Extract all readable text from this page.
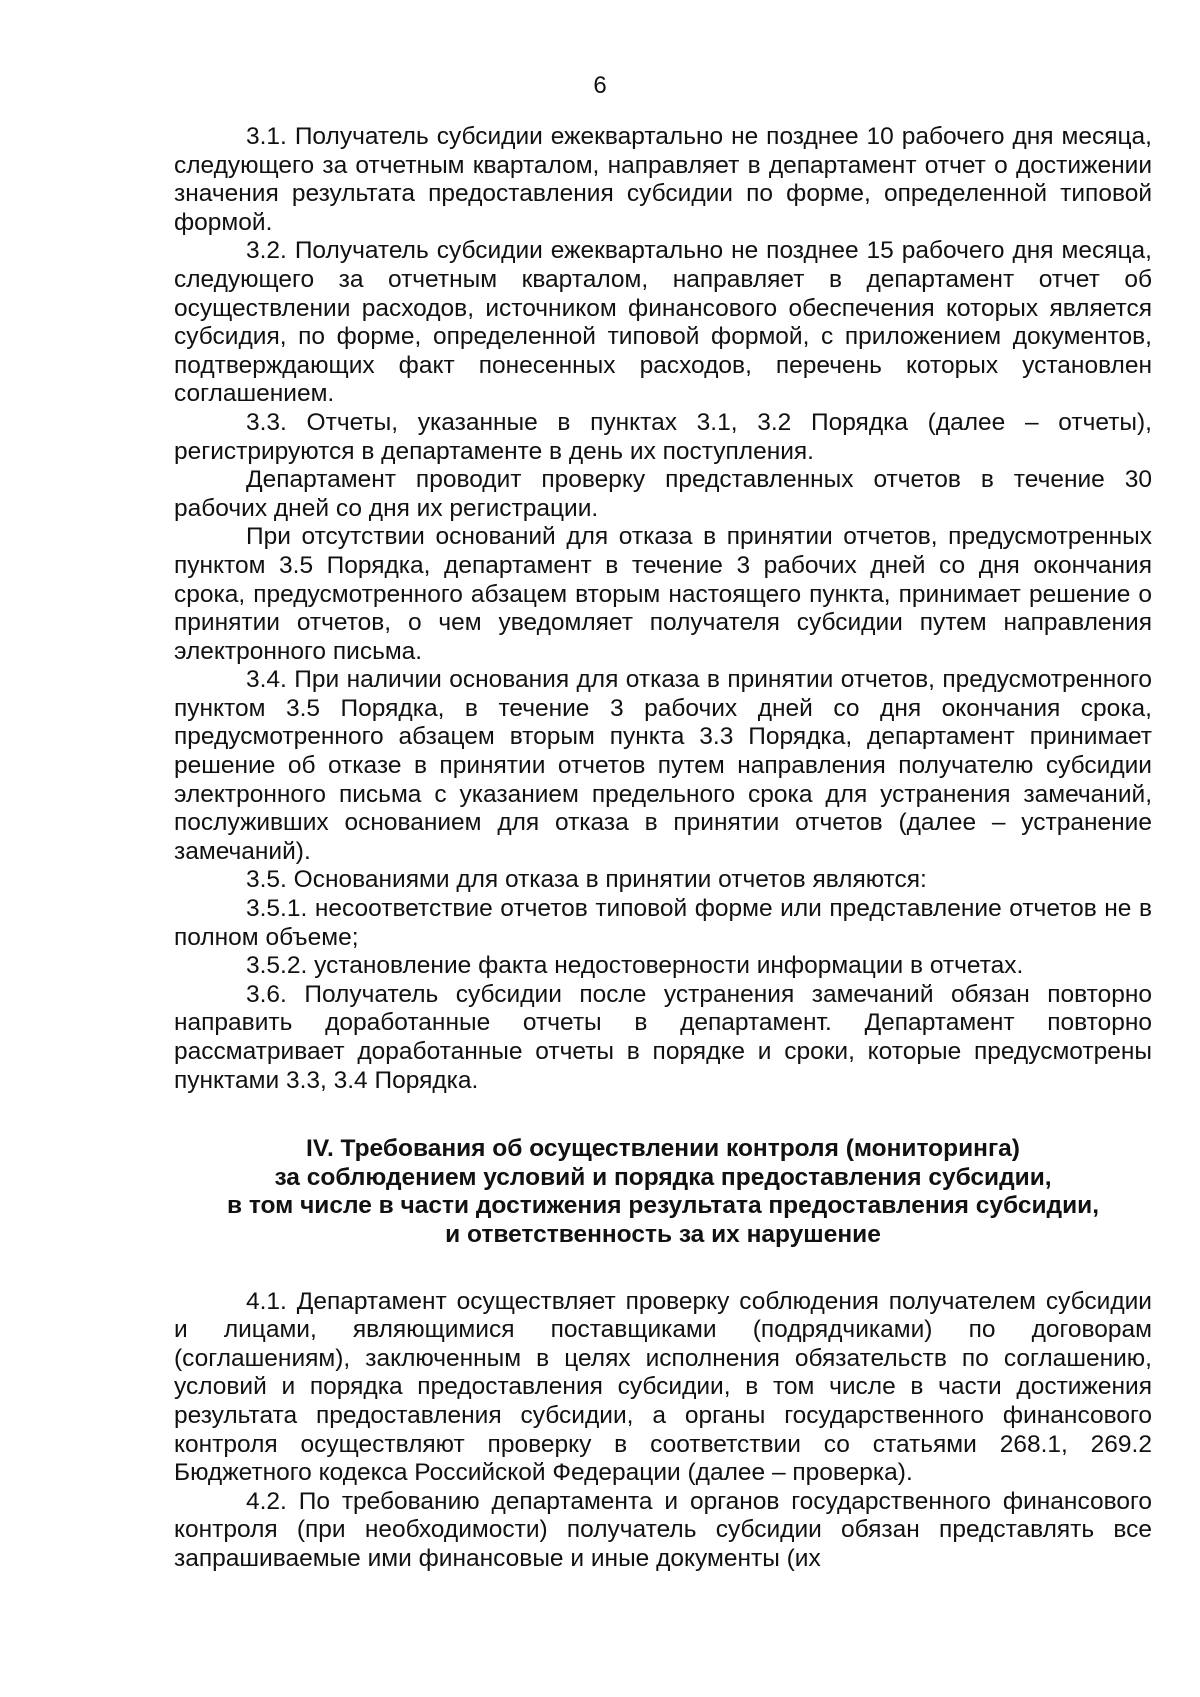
6

3.1. Получатель субсидии ежеквартально не позднее 10 рабочего дня месяца, следующего за отчетным кварталом, направляет в департамент отчет о достижении значения результата предоставления субсидии по форме, определенной типовой формой.

3.2. Получатель субсидии ежеквартально не позднее 15 рабочего дня месяца, следующего за отчетным кварталом, направляет в департамент отчет об осуществлении расходов, источником финансового обеспечения которых является субсидия, по форме, определенной типовой формой, с приложением документов, подтверждающих факт понесенных расходов, перечень которых установлен соглашением.

3.3. Отчеты, указанные в пунктах 3.1, 3.2 Порядка (далее – отчеты), регистрируются в департаменте в день их поступления.

Департамент проводит проверку представленных отчетов в течение 30 рабочих дней со дня их регистрации.

При отсутствии оснований для отказа в принятии отчетов, предусмотренных пунктом 3.5 Порядка, департамент в течение 3 рабочих дней со дня окончания срока, предусмотренного абзацем вторым настоящего пункта, принимает решение о принятии отчетов, о чем уведомляет получателя субсидии путем направления электронного письма.

3.4. При наличии основания для отказа в принятии отчетов, предусмотренного пунктом 3.5 Порядка, в течение 3 рабочих дней со дня окончания срока, предусмотренного абзацем вторым пункта 3.3 Порядка, департамент принимает решение об отказе в принятии отчетов путем направления получателю субсидии электронного письма с указанием предельного срока для устранения замечаний, послуживших основанием для отказа в принятии отчетов (далее – устранение замечаний).

3.5. Основаниями для отказа в принятии отчетов являются:

3.5.1. несоответствие отчетов типовой форме или представление отчетов не в полном объеме;

3.5.2. установление факта недостоверности информации в отчетах.

3.6. Получатель субсидии после устранения замечаний обязан повторно направить доработанные отчеты в департамент. Департамент повторно рассматривает доработанные отчеты в порядке и сроки, которые предусмотрены пунктами 3.3, 3.4 Порядка.

IV. Требования об осуществлении контроля (мониторинга)
за соблюдением условий и порядка предоставления субсидии,
в том числе в части достижения результата предоставления субсидии,
и ответственность за их нарушение

4.1. Департамент осуществляет проверку соблюдения получателем субсидии и лицами, являющимися поставщиками (подрядчиками) по договорам (соглашениям), заключенным в целях исполнения обязательств по соглашению, условий и порядка предоставления субсидии, в том числе в части достижения результата предоставления субсидии, а органы государственного финансового контроля осуществляют проверку в соответствии со статьями 268.1, 269.2 Бюджетного кодекса Российской Федерации (далее – проверка).

4.2. По требованию департамента и органов государственного финансового контроля (при необходимости) получатель субсидии обязан представлять все запрашиваемые ими финансовые и иные документы (их
